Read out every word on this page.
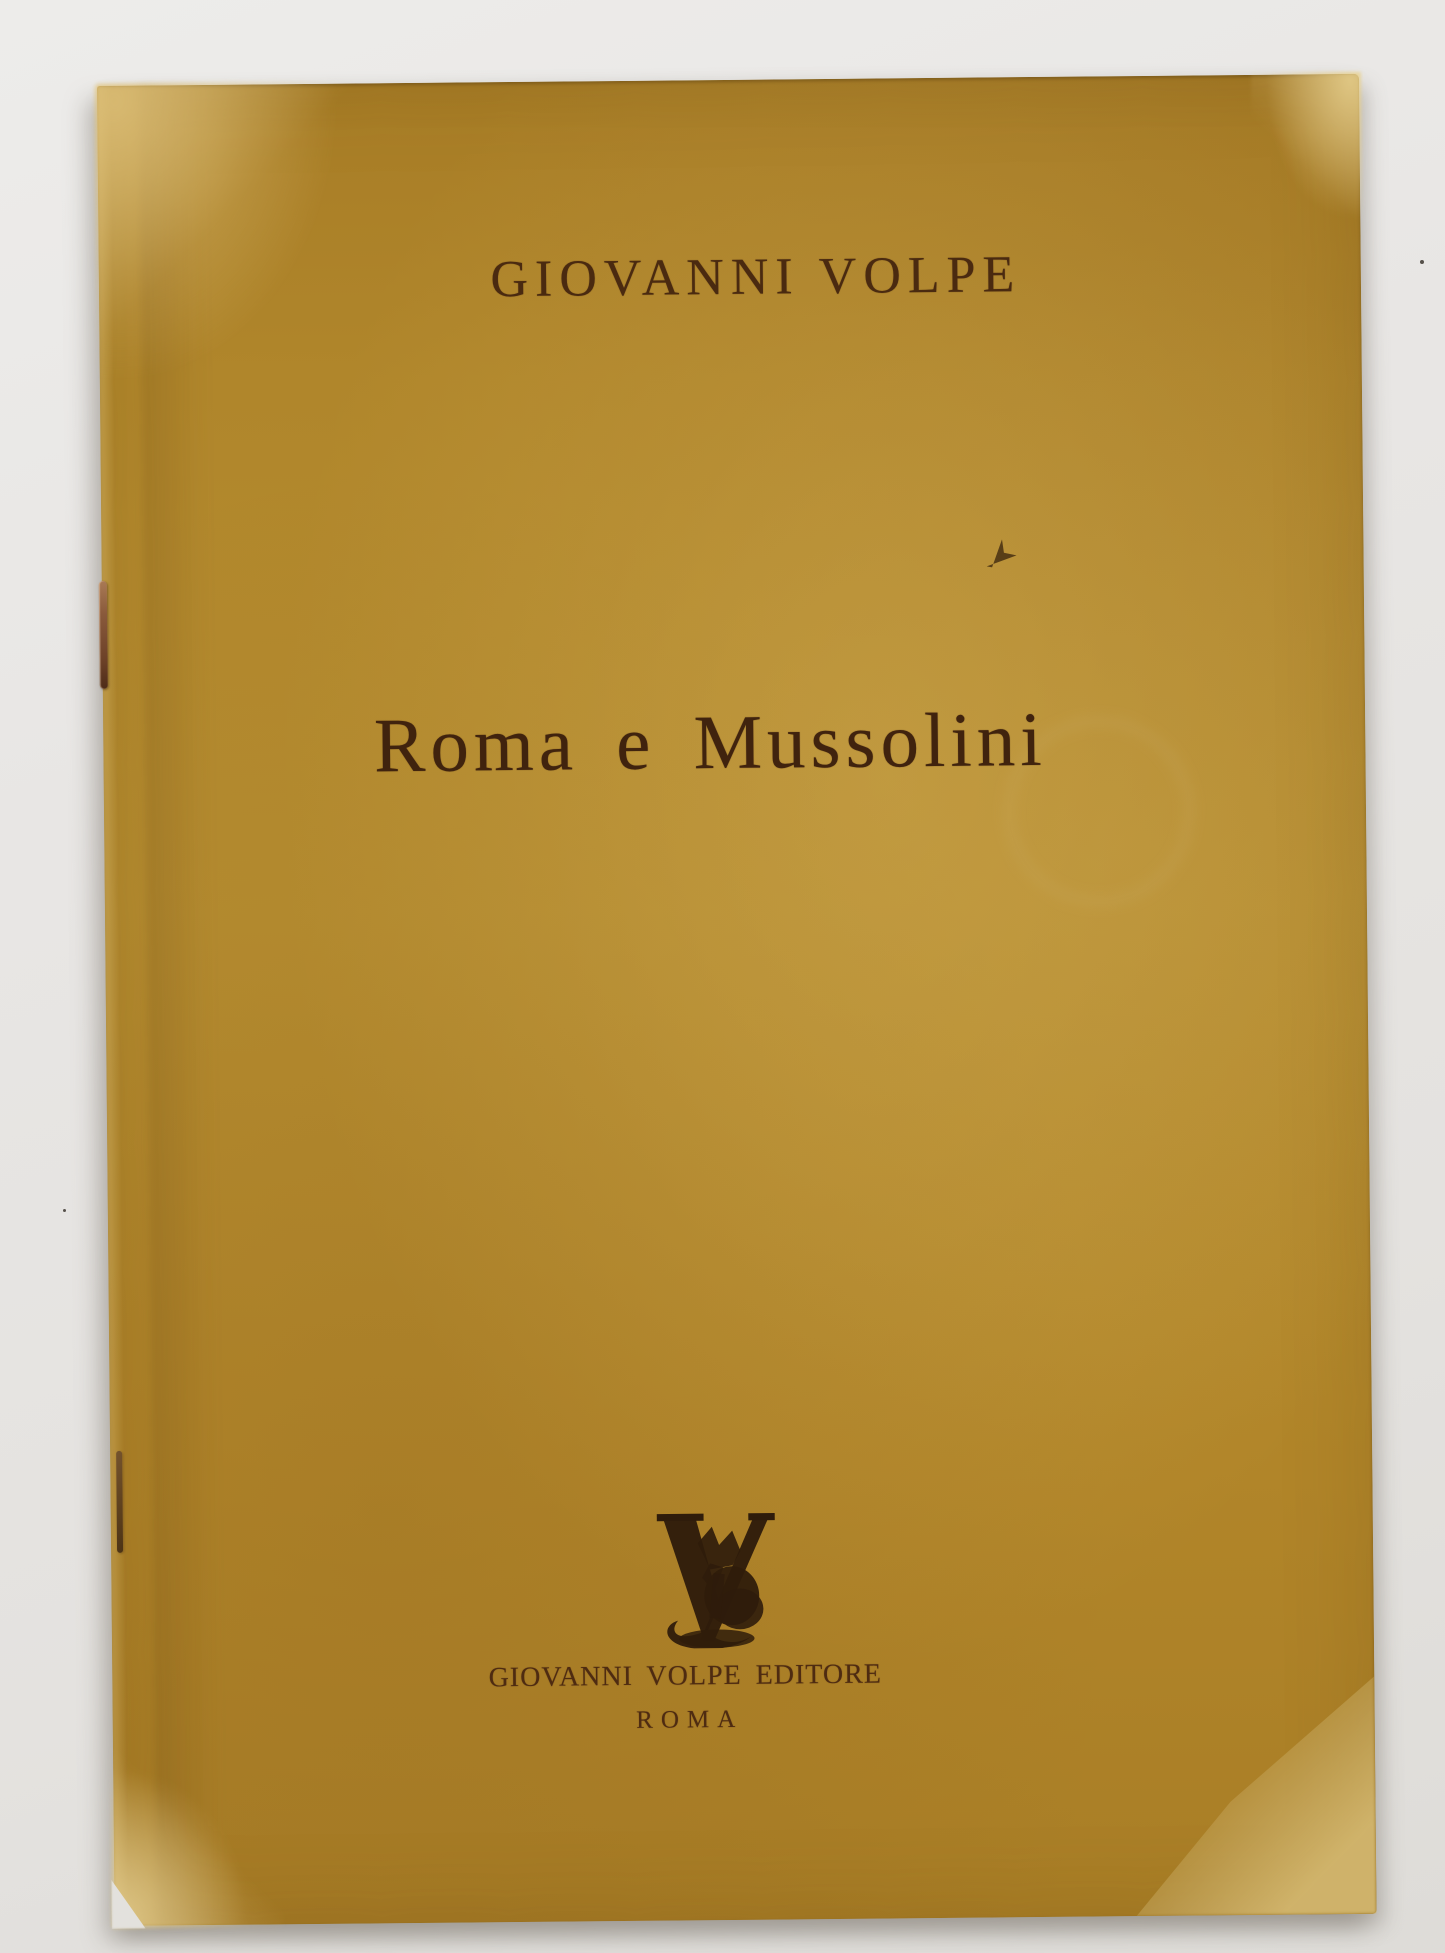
GIOVANNI VOLPE
Roma e Mussolini
GIOVANNI VOLPE EDITORE
ROMA
